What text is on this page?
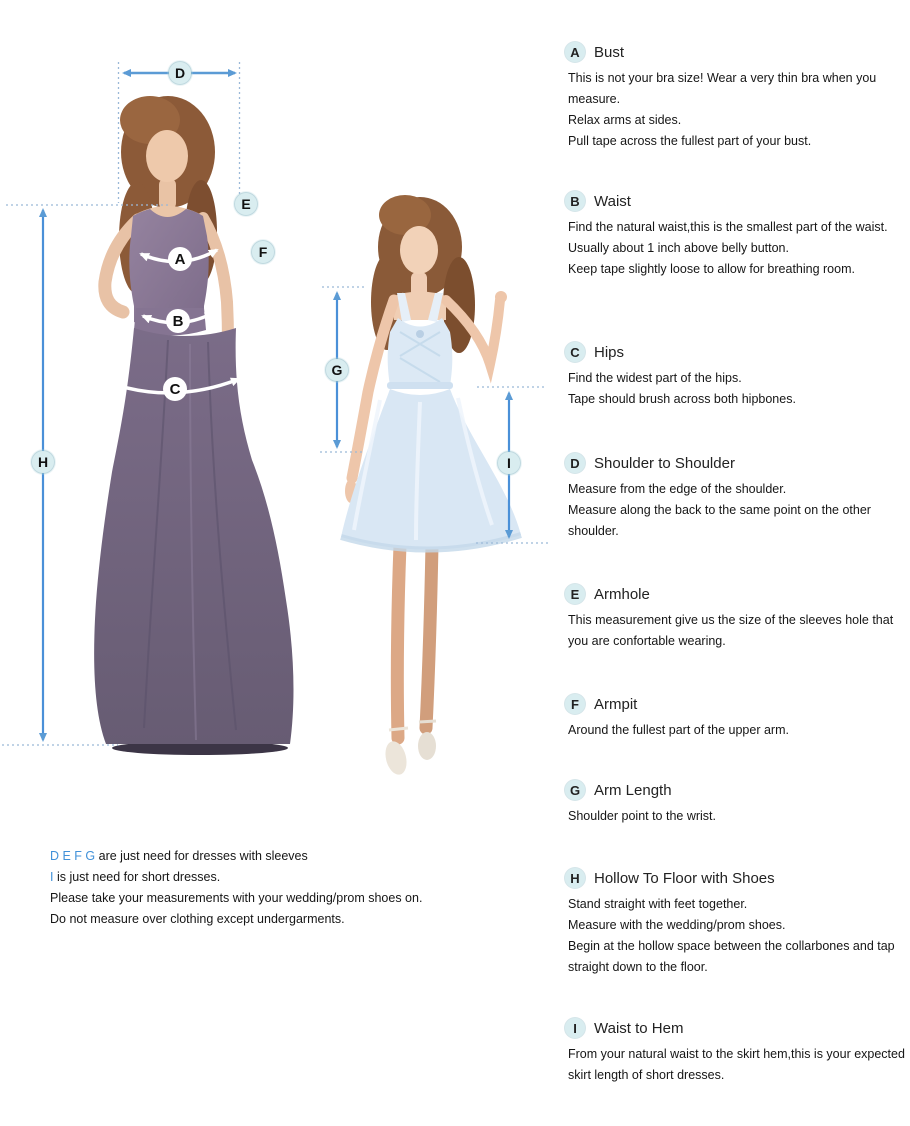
D
E
F
H
G
I
A
B
C
A Bust
This is not your bra size! Wear a very thin bra when you measure.
Relax arms at sides.
Pull tape across the fullest part of your bust.
B Waist
Find the natural waist,this is the smallest part of the waist.
Usually about 1 inch above belly button.
Keep tape slightly loose to allow for breathing room.
C Hips
Find the widest part of the hips.
Tape should brush across both hipbones.
D Shoulder to Shoulder
Measure from the edge of the shoulder.
Measure along the back to the same point on the other shoulder.
E Armhole
This measurement give us the size of the sleeves hole that you are confortable wearing.
F	Armpit
Around the fullest part of the upper arm.
G Arm Length
Shoulder point to the wrist.
H Hollow To Floor with Shoes
Stand straight with feet together.
Measure with the wedding/prom shoes.
Begin at the hollow space between the collarbones and tap straight down to the floor.
I	Waist to Hem
From your natural waist to the skirt hem,this is your expected skirt length of short dresses.
D E F G are just need for dresses with sleeves
I is just need for short dresses.
Please take your measurements with your wedding/prom shoes on.
Do not measure over clothing except undergarments.
